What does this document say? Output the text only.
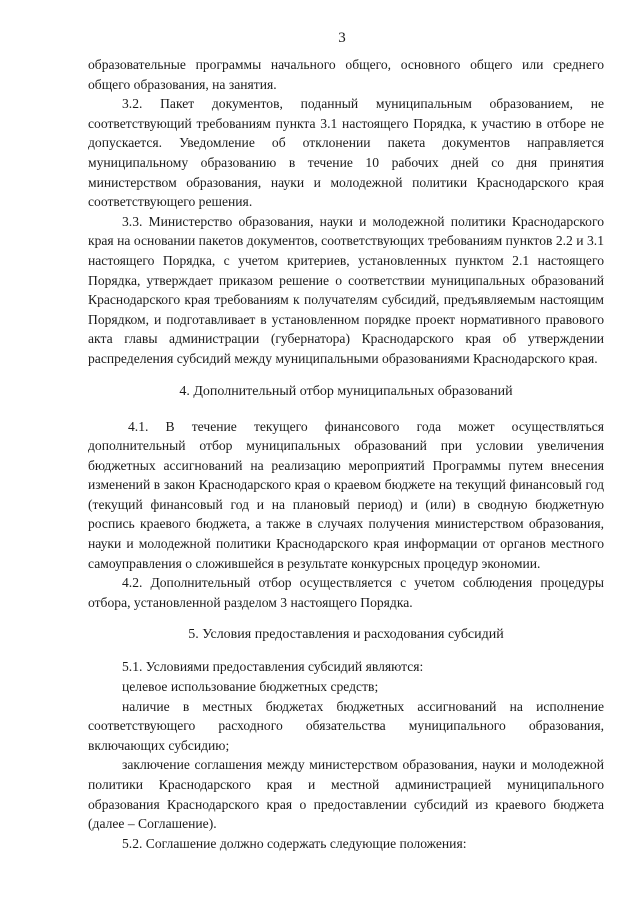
3

образовательные программы начального общего, основного общего или среднего общего образования, на занятия.

3.2. Пакет документов, поданный муниципальным образованием, не соответствующий требованиям пункта 3.1 настоящего Порядка, к участию в отборе не допускается. Уведомление об отклонении пакета документов направляется муниципальному образованию в течение 10 рабочих дней со дня принятия министерством образования, науки и молодежной политики Краснодарского края соответствующего решения.

3.3. Министерство образования, науки и молодежной политики Краснодарского края на основании пакетов документов, соответствующих требованиям пунктов 2.2 и 3.1 настоящего Порядка, с учетом критериев, установленных пунктом 2.1 настоящего Порядка, утверждает приказом решение о соответствии муниципальных образований Краснодарского края требованиям к получателям субсидий, предъявляемым настоящим Порядком, и подготавливает в установленном порядке проект нормативного правового акта главы администрации (губернатора) Краснодарского края об утверждении распределения субсидий между муниципальными образованиями Краснодарского края.

4. Дополнительный отбор муниципальных образований

4.1. В течение текущего финансового года может осуществляться дополнительный отбор муниципальных образований при условии увеличения бюджетных ассигнований на реализацию мероприятий Программы путем внесения изменений в закон Краснодарского края о краевом бюджете на текущий финансовый год (текущий финансовый год и на плановый период) и (или) в сводную бюджетную роспись краевого бюджета, а также в случаях получения министерством образования, науки и молодежной политики Краснодарского края информации от органов местного самоуправления о сложившейся в результате конкурсных процедур экономии.

4.2. Дополнительный отбор осуществляется с учетом соблюдения процедуры отбора, установленной разделом 3 настоящего Порядка.

5. Условия предоставления и расходования субсидий

5.1. Условиями предоставления субсидий являются:

целевое использование бюджетных средств;

наличие в местных бюджетах бюджетных ассигнований на исполнение соответствующего расходного обязательства муниципального образования, включающих субсидию;

заключение соглашения между министерством образования, науки и молодежной политики Краснодарского края и местной администрацией муниципального образования Краснодарского края о предоставлении субсидий из краевого бюджета (далее – Соглашение).

5.2. Соглашение должно содержать следующие положения:
